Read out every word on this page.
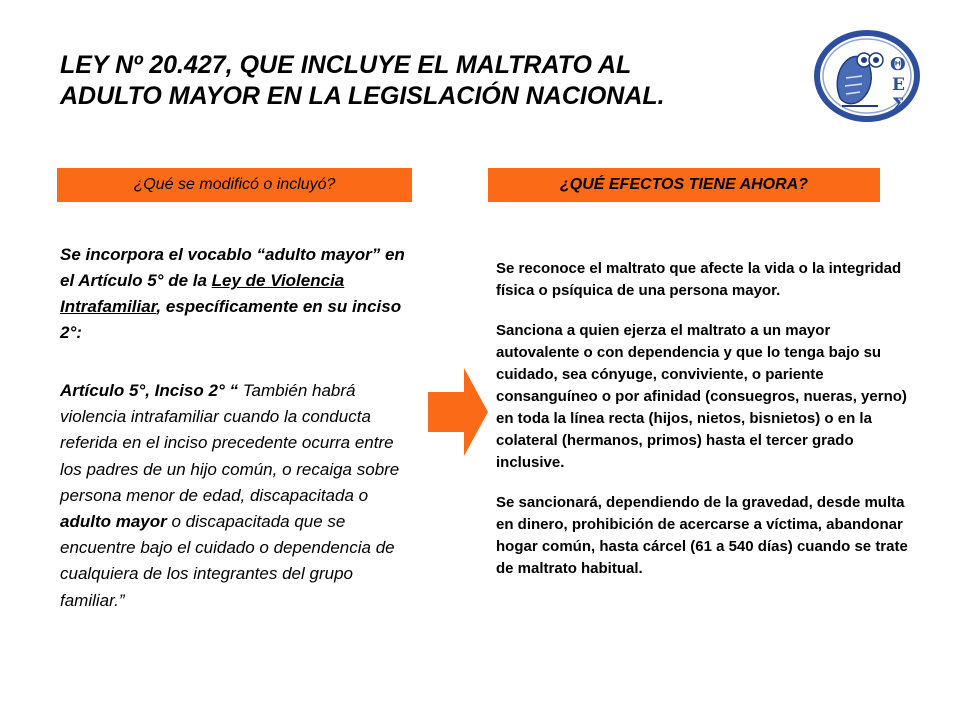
LEY Nº 20.427, QUE INCLUYE EL MALTRATO AL
ADULTO MAYOR EN LA LEGISLACIÓN NACIONAL.
Θ
Ε
Σ
¿Qué se modificó o incluyó?	¿QUÉ EFECTOS TIENE AHORA?
Se incorpora el vocablo “adulto mayor” en el Artículo 5° de la Ley de Violencia Intrafamiliar, específicamente en su inciso 2°:
Artículo 5°, Inciso 2° “ También habrá violencia intrafamiliar cuando la conducta referida en el inciso precedente ocurra entre los padres de un hijo común, o recaiga sobre persona menor de edad, discapacitada o adulto mayor o discapacitada que se encuentre bajo el cuidado o dependencia de cualquiera de los integrantes del grupo familiar.”

Se reconoce el maltrato que afecte la vida o la integridad física o psíquica de una persona mayor.

Sanciona a quien ejerza el maltrato a un mayor autovalente o con dependencia y que lo tenga bajo su cuidado, sea cónyuge, conviviente, o pariente consanguíneo o por afinidad (consuegros, nueras, yerno) en toda la línea recta (hijos, nietos, bisnietos) o en la colateral (hermanos, primos) hasta el tercer grado inclusive.

Se sancionará, dependiendo de la gravedad, desde multa en dinero, prohibición de acercarse a víctima, abandonar hogar común, hasta cárcel (61 a 540 días) cuando se trate de maltrato habitual.
